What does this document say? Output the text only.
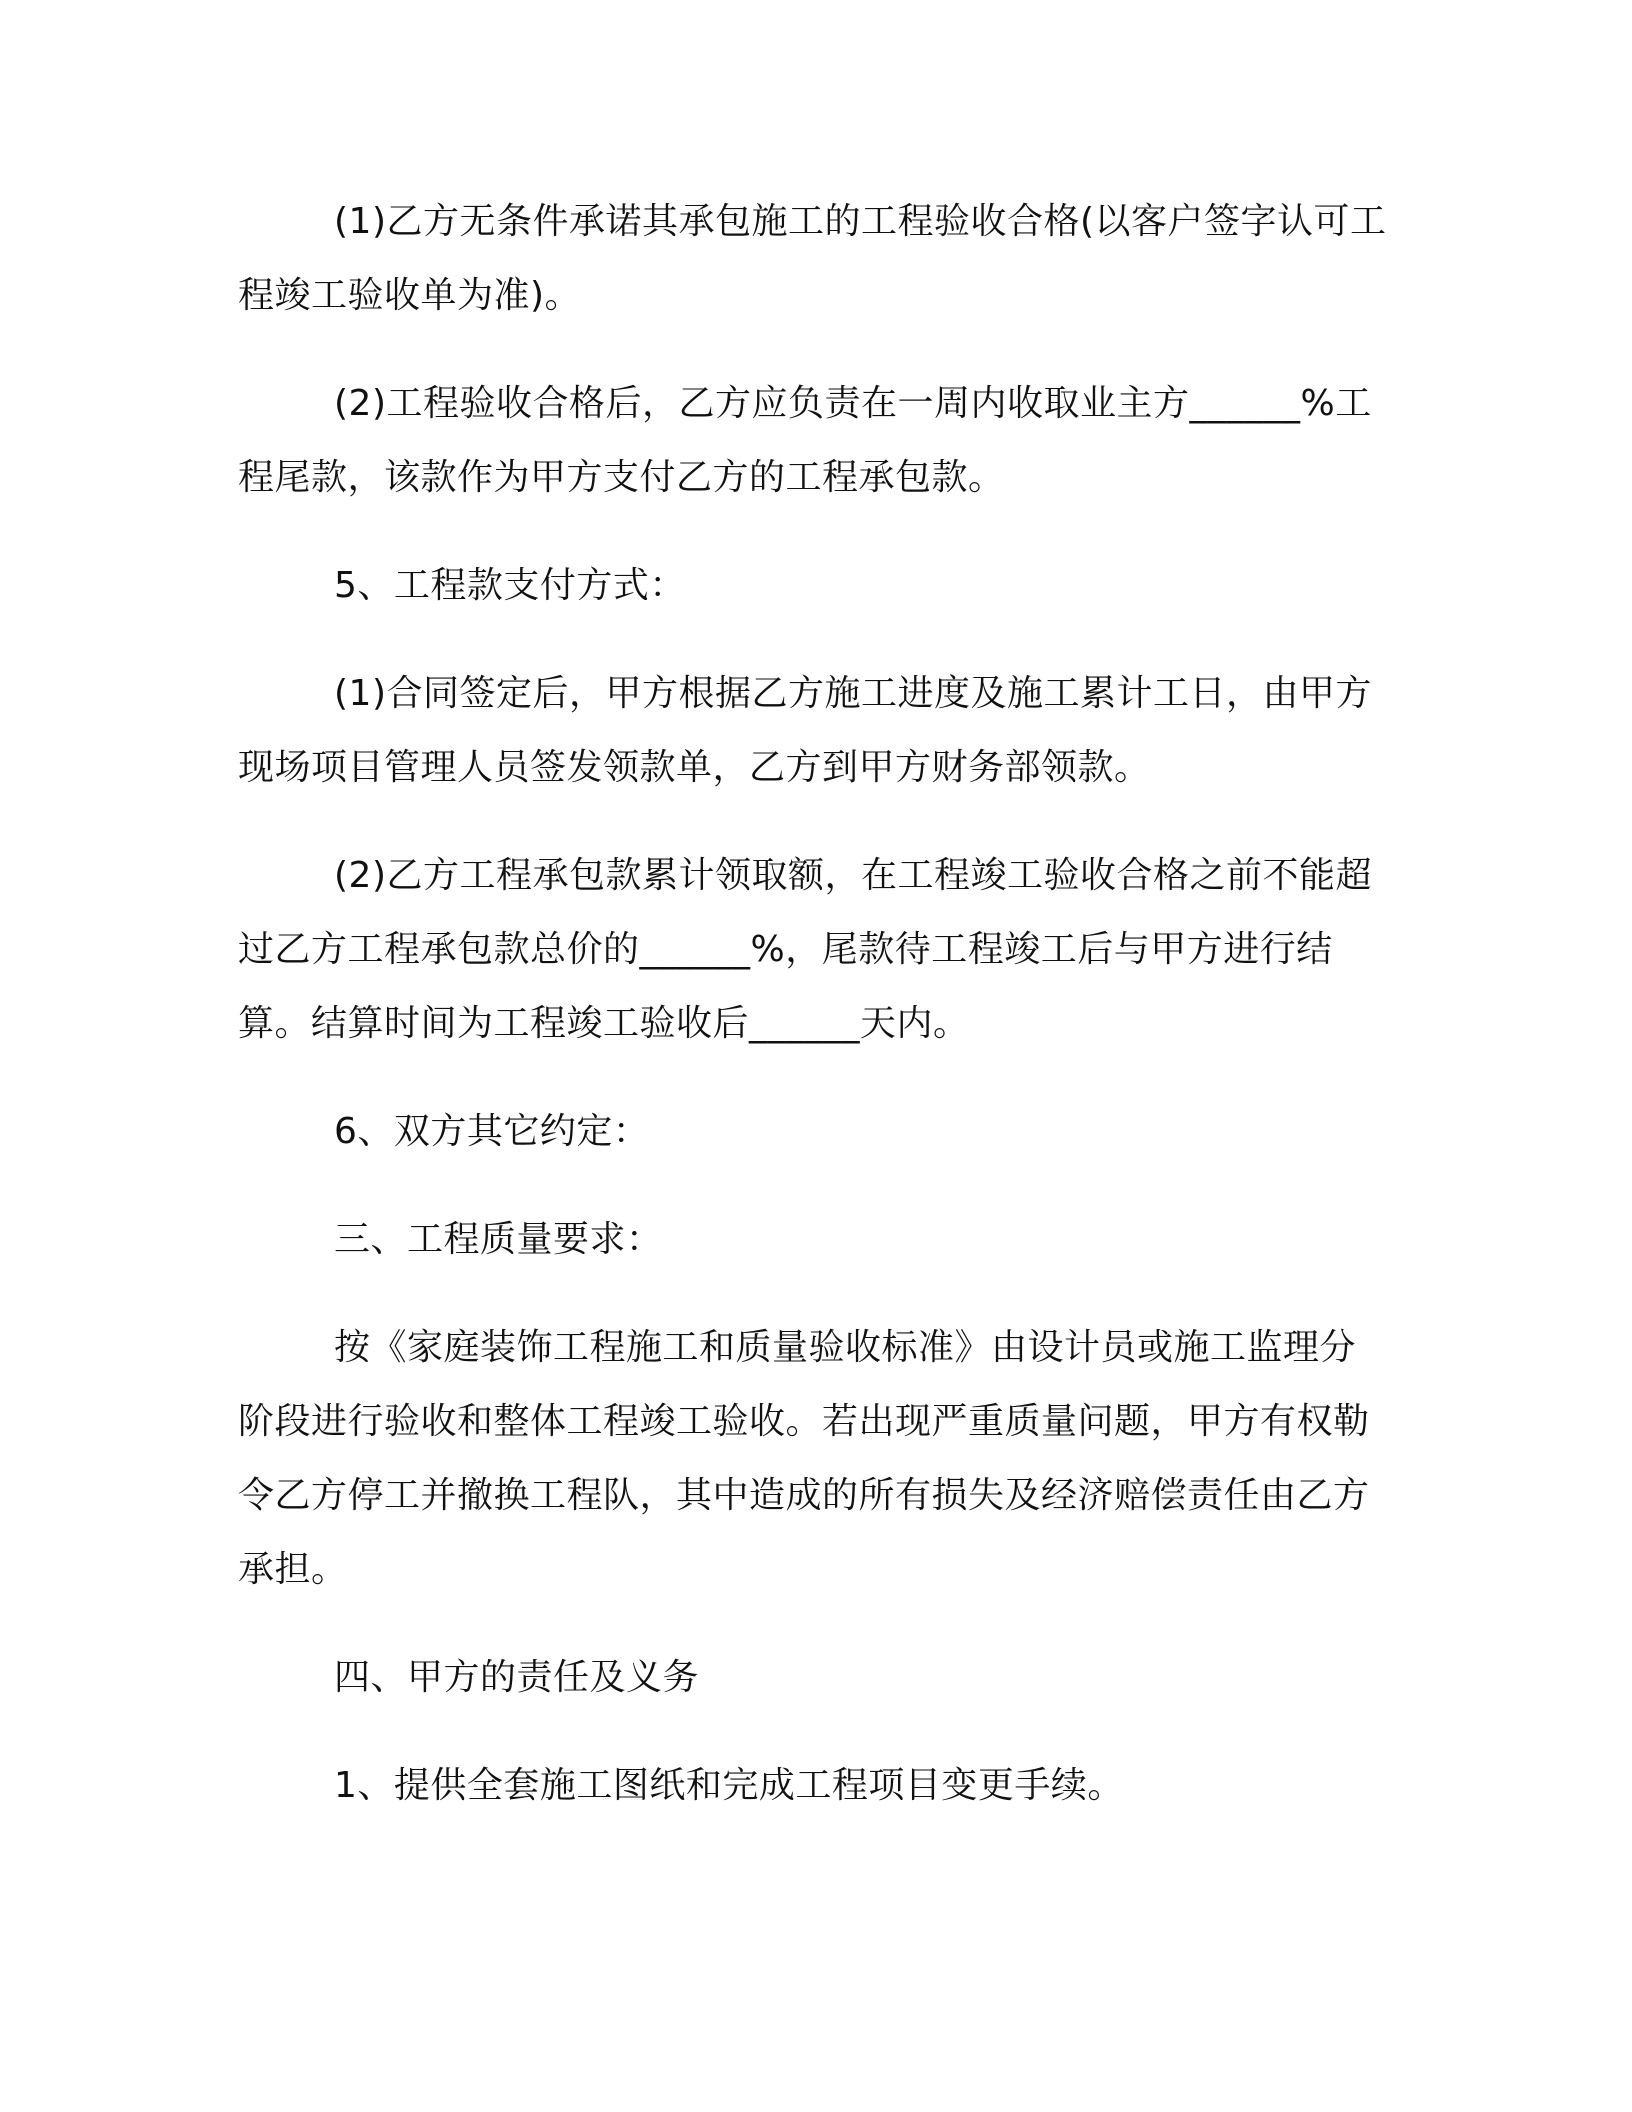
(1)乙方无条件承诺其承包施工的工程验收合格(以客户签字认可工程竣工验收单为准)。

(2)工程验收合格后，乙方应负责在一周内收取业主方______%工程尾款，该款作为甲方支付乙方的工程承包款。

5、工程款支付方式：

(1)合同签定后，甲方根据乙方施工进度及施工累计工日，由甲方现场项目管理人员签发领款单，乙方到甲方财务部领款。

(2)乙方工程承包款累计领取额，在工程竣工验收合格之前不能超过乙方工程承包款总价的______%，尾款待工程竣工后与甲方进行结算。结算时间为工程竣工验收后______天内。

6、双方其它约定：

三、工程质量要求：

按《家庭装饰工程施工和质量验收标准》由设计员或施工监理分阶段进行验收和整体工程竣工验收。若出现严重质量问题，甲方有权勒令乙方停工并撤换工程队，其中造成的所有损失及经济赔偿责任由乙方承担。

四、甲方的责任及义务

1、提供全套施工图纸和完成工程项目变更手续。
